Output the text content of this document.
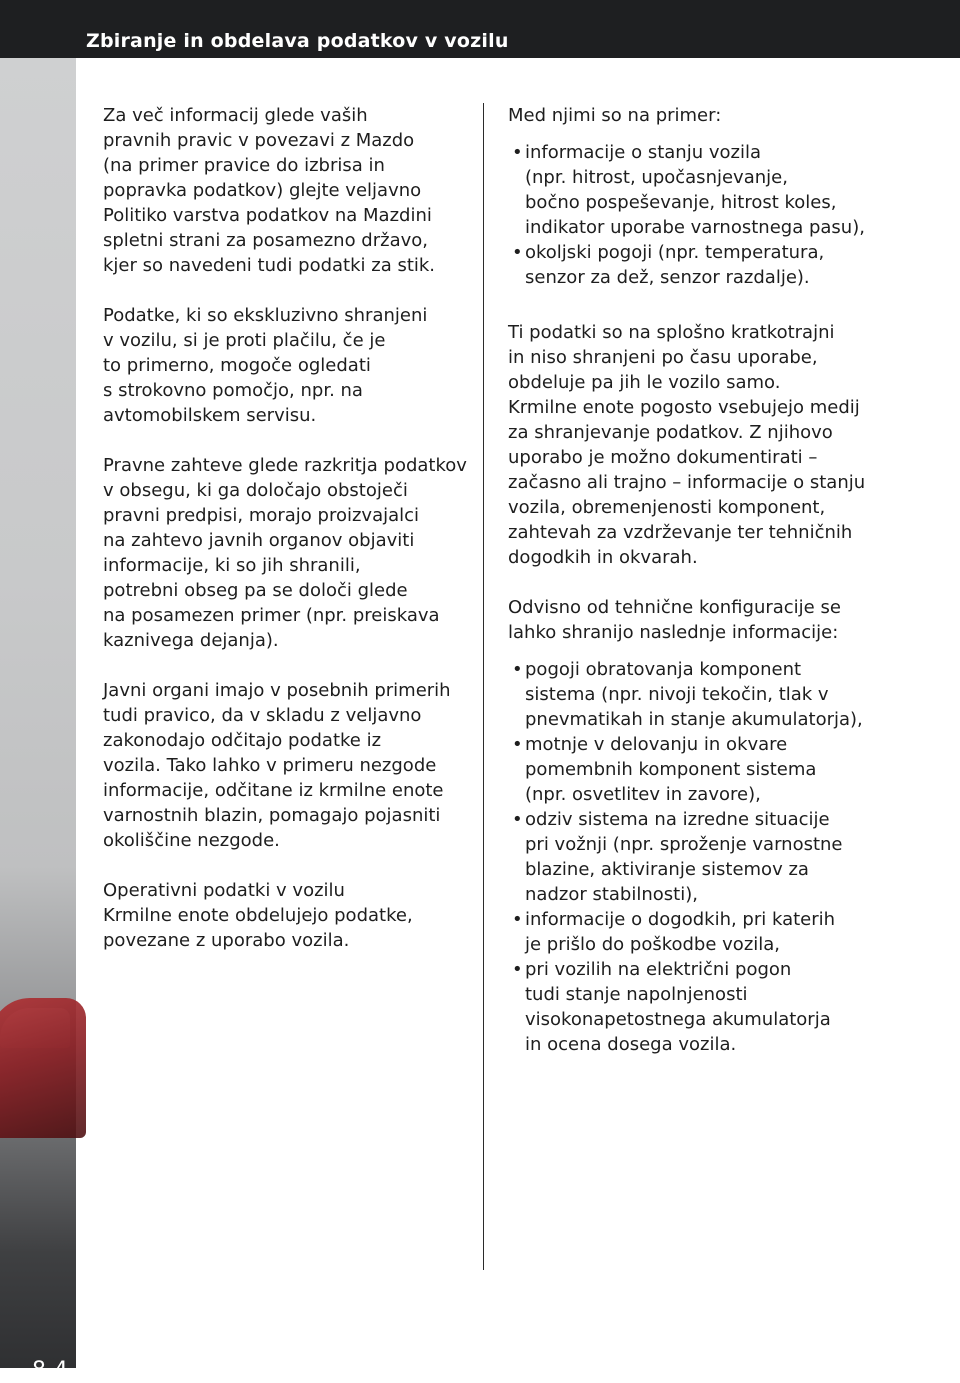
Zbiranje in obdelava podatkov v vozilu
8-4
Za več informacij glede vaših
pravnih pravic v povezavi z Mazdo
(na primer pravice do izbrisa in
popravka podatkov) glejte veljavno
Politiko varstva podatkov na Mazdini
spletni strani za posamezno državo,
kjer so navedeni tudi podatki za stik.
Podatke, ki so ekskluzivno shranjeni
v vozilu, si je proti plačilu, če je
to primerno, mogoče ogledati
s strokovno pomočjo, npr. na
avtomobilskem servisu.
Pravne zahteve glede razkritja podatkov
v obsegu, ki ga določajo obstoječi
pravni predpisi, morajo proizvajalci
na zahtevo javnih organov objaviti
informacije, ki so jih shranili,
potrebni obseg pa se določi glede
na posamezen primer (npr. preiskava
kaznivega dejanja).
Javni organi imajo v posebnih primerih
tudi pravico, da v skladu z veljavno
zakonodajo odčitajo podatke iz
vozila. Tako lahko v primeru nezgode
informacije, odčitane iz krmilne enote
varnostnih blazin, pomagajo pojasniti
okoliščine nezgode.
Operativni podatki v vozilu
Krmilne enote obdelujejo podatke,
povezane z uporabo vozila.
Med njimi so na primer:
• informacije o stanju vozila
(npr. hitrost, upočasnjevanje,
bočno pospeševanje, hitrost koles,
indikator uporabe varnostnega pasu),
• okoljski pogoji (npr. temperatura,
senzor za dež, senzor razdalje).
Ti podatki so na splošno kratkotrajni
in niso shranjeni po času uporabe,
obdeluje pa jih le vozilo samo.
Krmilne enote pogosto vsebujejo medij
za shranjevanje podatkov. Z njihovo
uporabo je možno dokumentirati –
začasno ali trajno – informacije o stanju
vozila, obremenjenosti komponent,
zahtevah za vzdrževanje ter tehničnih
dogodkih in okvarah.
Odvisno od tehnične konfiguracije se
lahko shranijo naslednje informacije:
• pogoji obratovanja komponent
sistema (npr. nivoji tekočin, tlak v
pnevmatikah in stanje akumulatorja),
• motnje v delovanju in okvare
pomembnih komponent sistema
(npr. osvetlitev in zavore),
• odziv sistema na izredne situacije
pri vožnji (npr. sproženje varnostne
blazine, aktiviranje sistemov za
nadzor stabilnosti),
• informacije o dogodkih, pri katerih
je prišlo do poškodbe vozila,
• pri vozilih na električni pogon
tudi stanje napolnjenosti
visokonapetostnega akumulatorja
in ocena dosega vozila.
